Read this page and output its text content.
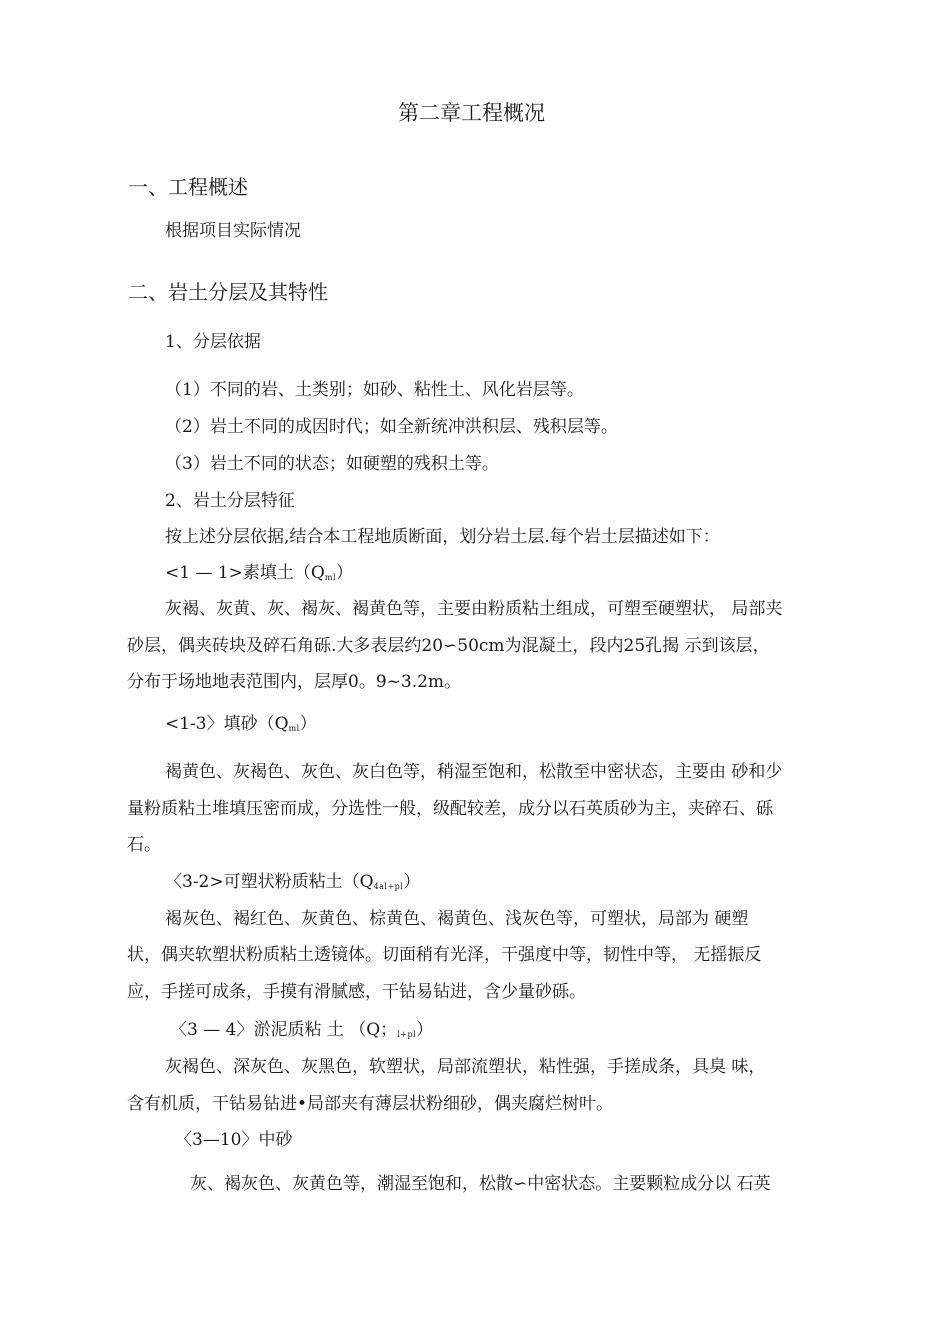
第二章工程概况
一、工程概述
根据项目实际情况
二、岩土分层及其特性
1、分层依据
（1）不同的岩、土类别；如砂、粘性土、风化岩层等。
（2）岩土不同的成因时代；如全新统冲洪积层、残积层等。
（3）岩土不同的状态；如硬塑的残积土等。
2、岩土分层特征
按上述分层依据,结合本工程地质断面，划分岩土层.每个岩土层描述如下：
<1 — 1>素填土$(Q_{ml})$
灰褐、灰黄、灰、褐灰、褐黄色等，主要由粉质粘土组成，可塑至硬塑状， 局部夹
砂层，偶夹砖块及碎石角砾.大多表层约20∽50cm为混凝土，段内25孔揭 示到该层，
分布于场地地表范围内，层厚0。9~3.2m。
<1-3〉填砂$(Q_{ml})$
褐黄色、灰褐色、灰色、灰白色等，稍湿至饱和，松散至中密状态，主要由 砂和少
量粉质粘土堆填压密而成，分选性一般，级配较差，成分以石英质砂为主，夹碎石、砾
石。
〈3-2>可塑状粉质粘土$(Q_{4al+pl})$
褐灰色、褐红色、灰黄色、棕黄色、褐黄色、浅灰色等，可塑状，局部为 硬塑
状，偶夹软塑状粉质粘土透镜体。切面稍有光泽，干强度中等，韧性中等， 无摇振反
应，手搓可成条，手摸有滑腻感，干钻易钻进，含少量砂砾。
〈3 — 4〉淤泥质粘 土 （Q；$_{l+pl}$）
灰褐色、深灰色、灰黑色，软塑状，局部流塑状，粘性强，手搓成条，具臭 味，
含有机质，干钻易钻进•局部夹有薄层状粉细砂，偶夹腐烂树叶。
〈3—10〉中砂
灰、褐灰色、灰黄色等，潮湿至饱和，松散∽中密状态。主要颗粒成分以 石英
